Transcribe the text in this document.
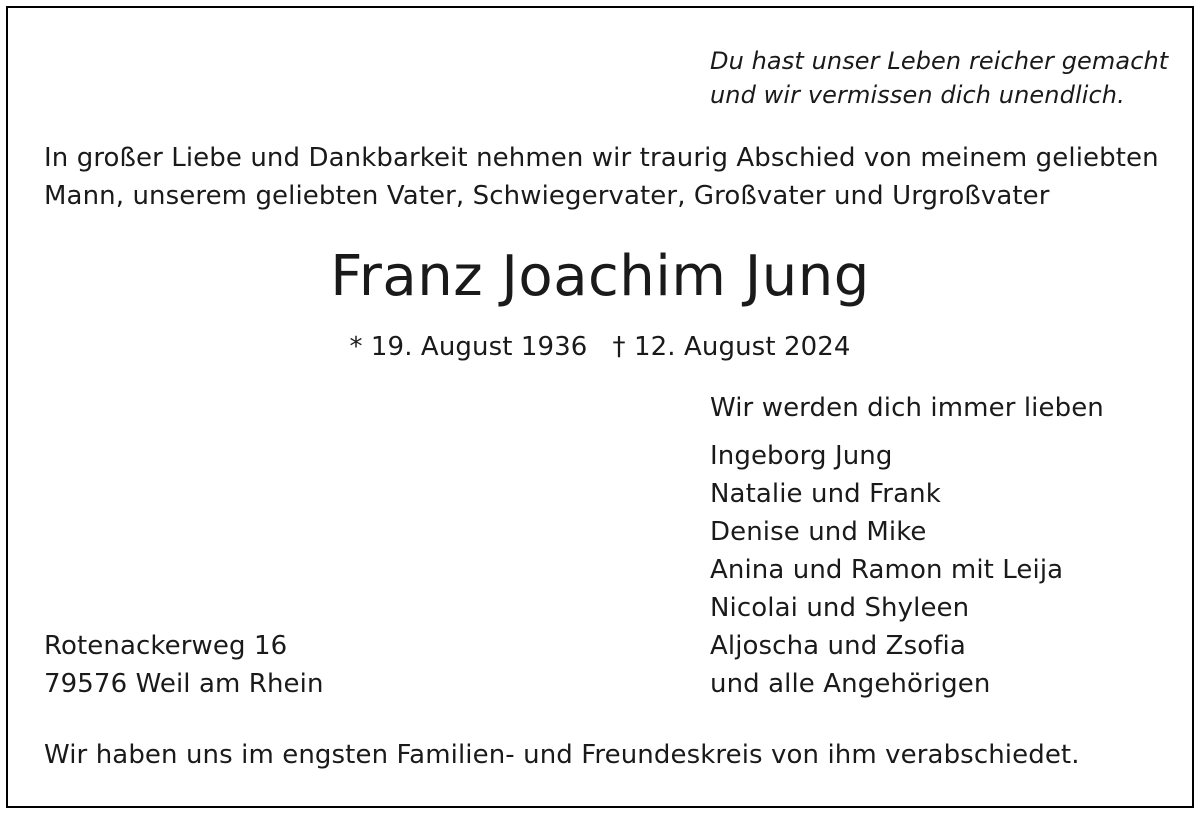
Du hast unser Leben reicher gemacht
und wir vermissen dich unendlich.
In großer Liebe und Dankbarkeit nehmen wir traurig Abschied von meinem geliebten
Mann, unserem geliebten Vater, Schwiegervater, Großvater und Urgroßvater
Franz Joachim Jung
* 19. August 1936   † 12. August 2024
Wir werden dich immer lieben
Ingeborg Jung
Natalie und Frank
Denise und Mike
Anina und Ramon mit Leija
Nicolai und Shyleen
Aljoscha und Zsofia
und alle Angehörigen
Rotenackerweg 16
79576 Weil am Rhein
Wir haben uns im engsten Familien- und Freundeskreis von ihm verabschiedet.
